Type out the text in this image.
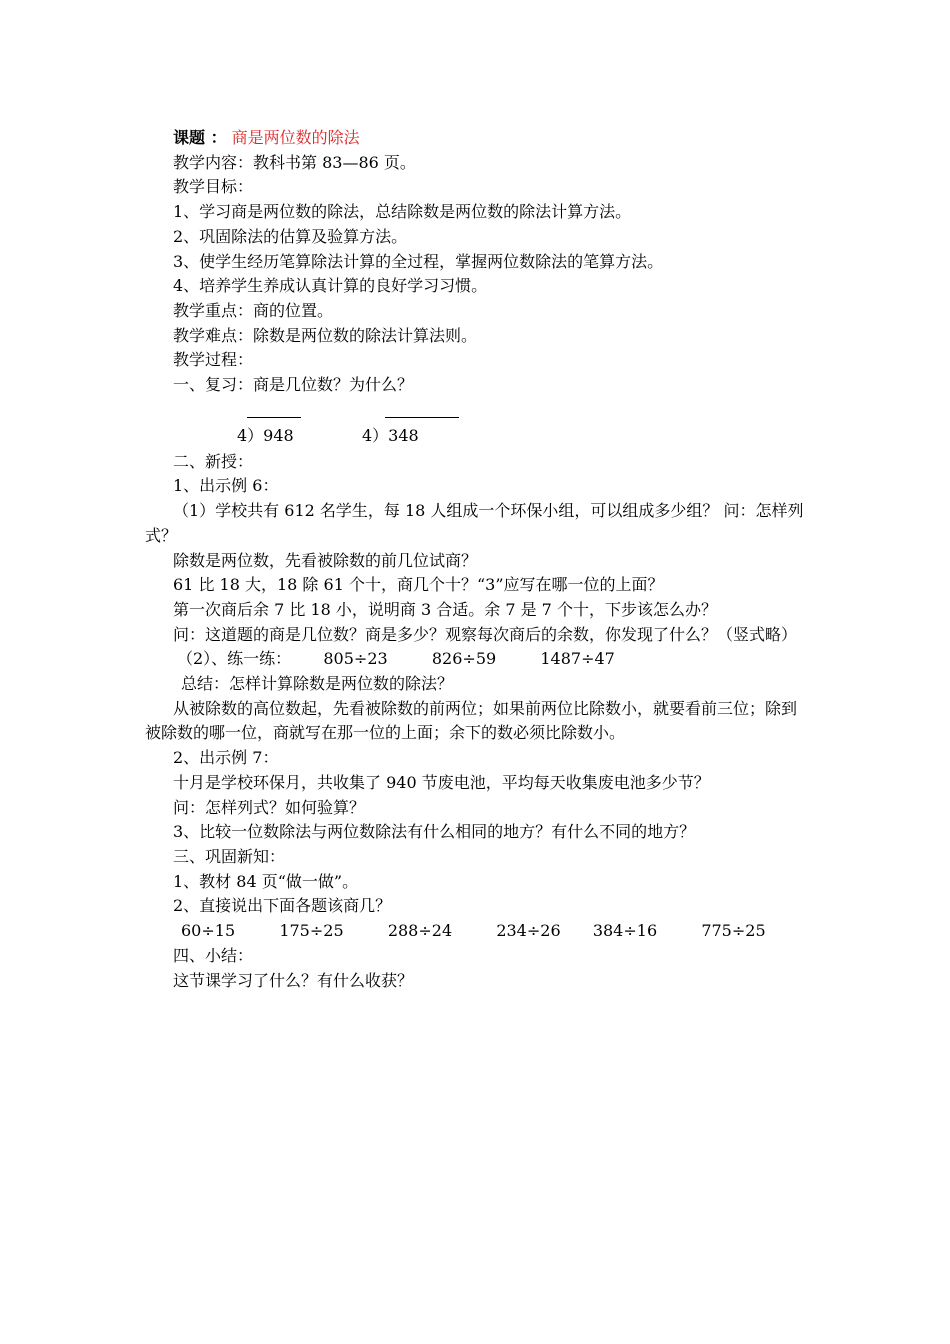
课题 ： 商是两位数的除法
教学内容：教科书第 83—86 页。
教学目标：
1、学习商是两位数的除法，总结除数是两位数的除法计算方法。
2、巩固除法的估算及验算方法。
3、使学生经历笔算除法计算的全过程，掌握两位数除法的笔算方法。
4、培养学生养成认真计算的良好学习习惯。
教学重点：商的位置。
教学难点：除数是两位数的除法计算法则。
教学过程：
一、复习：商是几位数？为什么？
二、新授：
1、出示例 6：
（1）学校共有 612 名学生，每 18 人组成一个环保小组，可以组成多少组？ 问：怎样列式？
除数是两位数，先看被除数的前几位试商？
61 比 18 大，18 除 61 个十，商几个十？“3”应写在哪一位的上面？
第一次商后余 7 比 18 小，说明商 3 合适。余 7 是 7 个十，下步该怎么办？
问：这道题的商是几位数？商是多少？观察每次商后的余数，你发现了什么？（竖式略）
（2）、练一练： 805÷23	826÷59	1487÷47
总结：怎样计算除数是两位数的除法？
从被除数的高位数起，先看被除数的前两位；如果前两位比除数小，就要看前三位；除到被除数的哪一位，商就写在那一位的上面；余下的数必须比除数小。
2、出示例 7：
十月是学校环保月，共收集了 940 节废电池，平均每天收集废电池多少节？
问：怎样列式？如何验算？
3、比较一位数除法与两位数除法有什么相同的地方？有什么不同的地方？
三、巩固新知：
1、教材 84 页“做一做”。
2、直接说出下面各题该商几？
60÷15	175÷25	288÷24	234÷26 384÷16	775÷25
四、小结：
这节课学习了什么？有什么收获？
4）948	4）348
